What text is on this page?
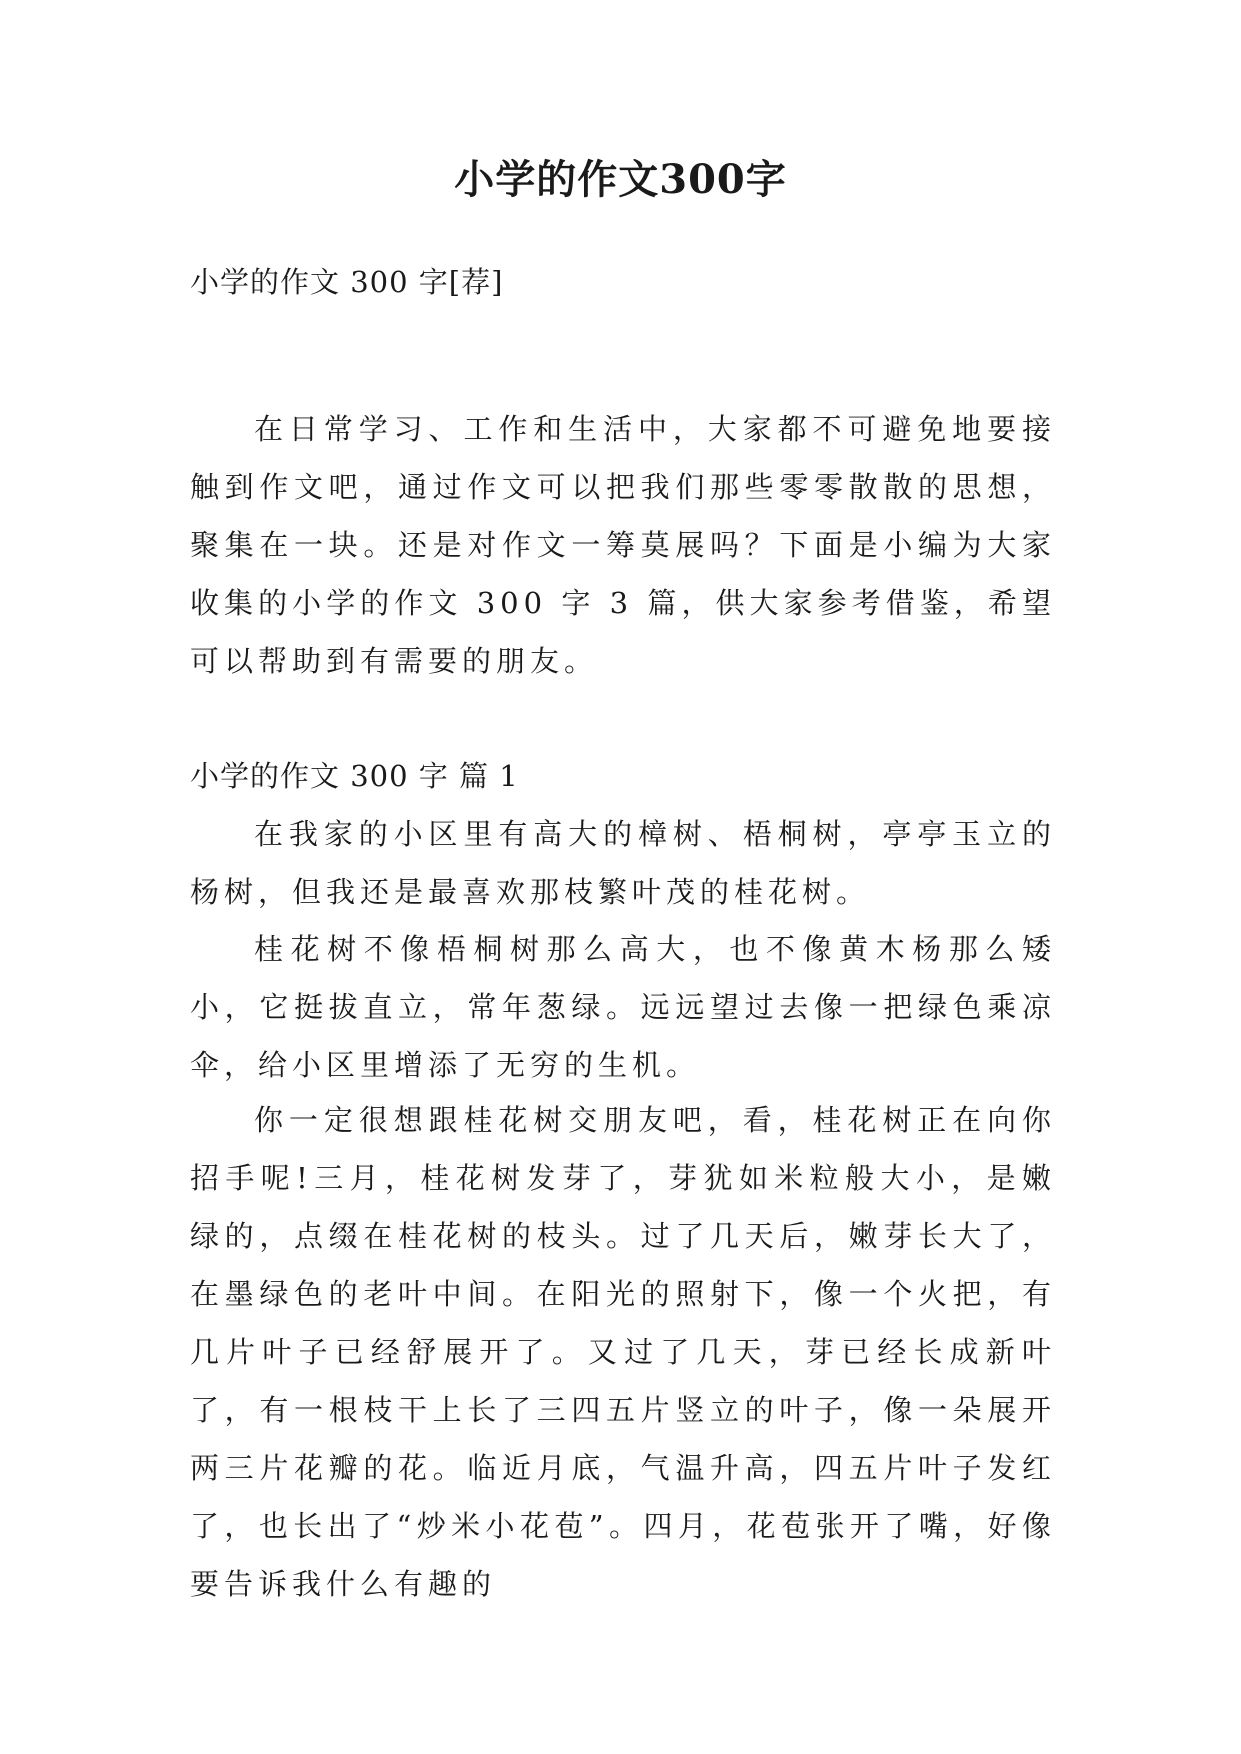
小学的作文300字
小学的作文 300 字[荐]

在日常学习、工作和生活中，大家都不可避免地要接触到作文吧，通过作文可以把我们那些零零散散的思想，聚集在一块。还是对作文一筹莫展吗？下面是小编为大家收集的小学的作文 300 字 3 篇，供大家参考借鉴，希望可以帮助到有需要的朋友。

小学的作文 300 字 篇 1

在我家的小区里有高大的樟树、梧桐树，亭亭玉立的杨树，但我还是最喜欢那枝繁叶茂的桂花树。

桂花树不像梧桐树那么高大，也不像黄木杨那么矮小，它挺拔直立，常年葱绿。远远望过去像一把绿色乘凉伞，给小区里增添了无穷的生机。

你一定很想跟桂花树交朋友吧，看，桂花树正在向你招手呢!三月，桂花树发芽了，芽犹如米粒般大小，是嫩绿的，点缀在桂花树的枝头。过了几天后，嫩芽长大了，在墨绿色的老叶中间。在阳光的照射下，像一个火把，有几片叶子已经舒展开了。又过了几天，芽已经长成新叶了，有一根枝干上长了三四五片竖立的叶子，像一朵展开两三片花瓣的花。临近月底，气温升高，四五片叶子发红了，也长出了“炒米小花苞”。四月，花苞张开了嘴，好像要告诉我什么有趣的
